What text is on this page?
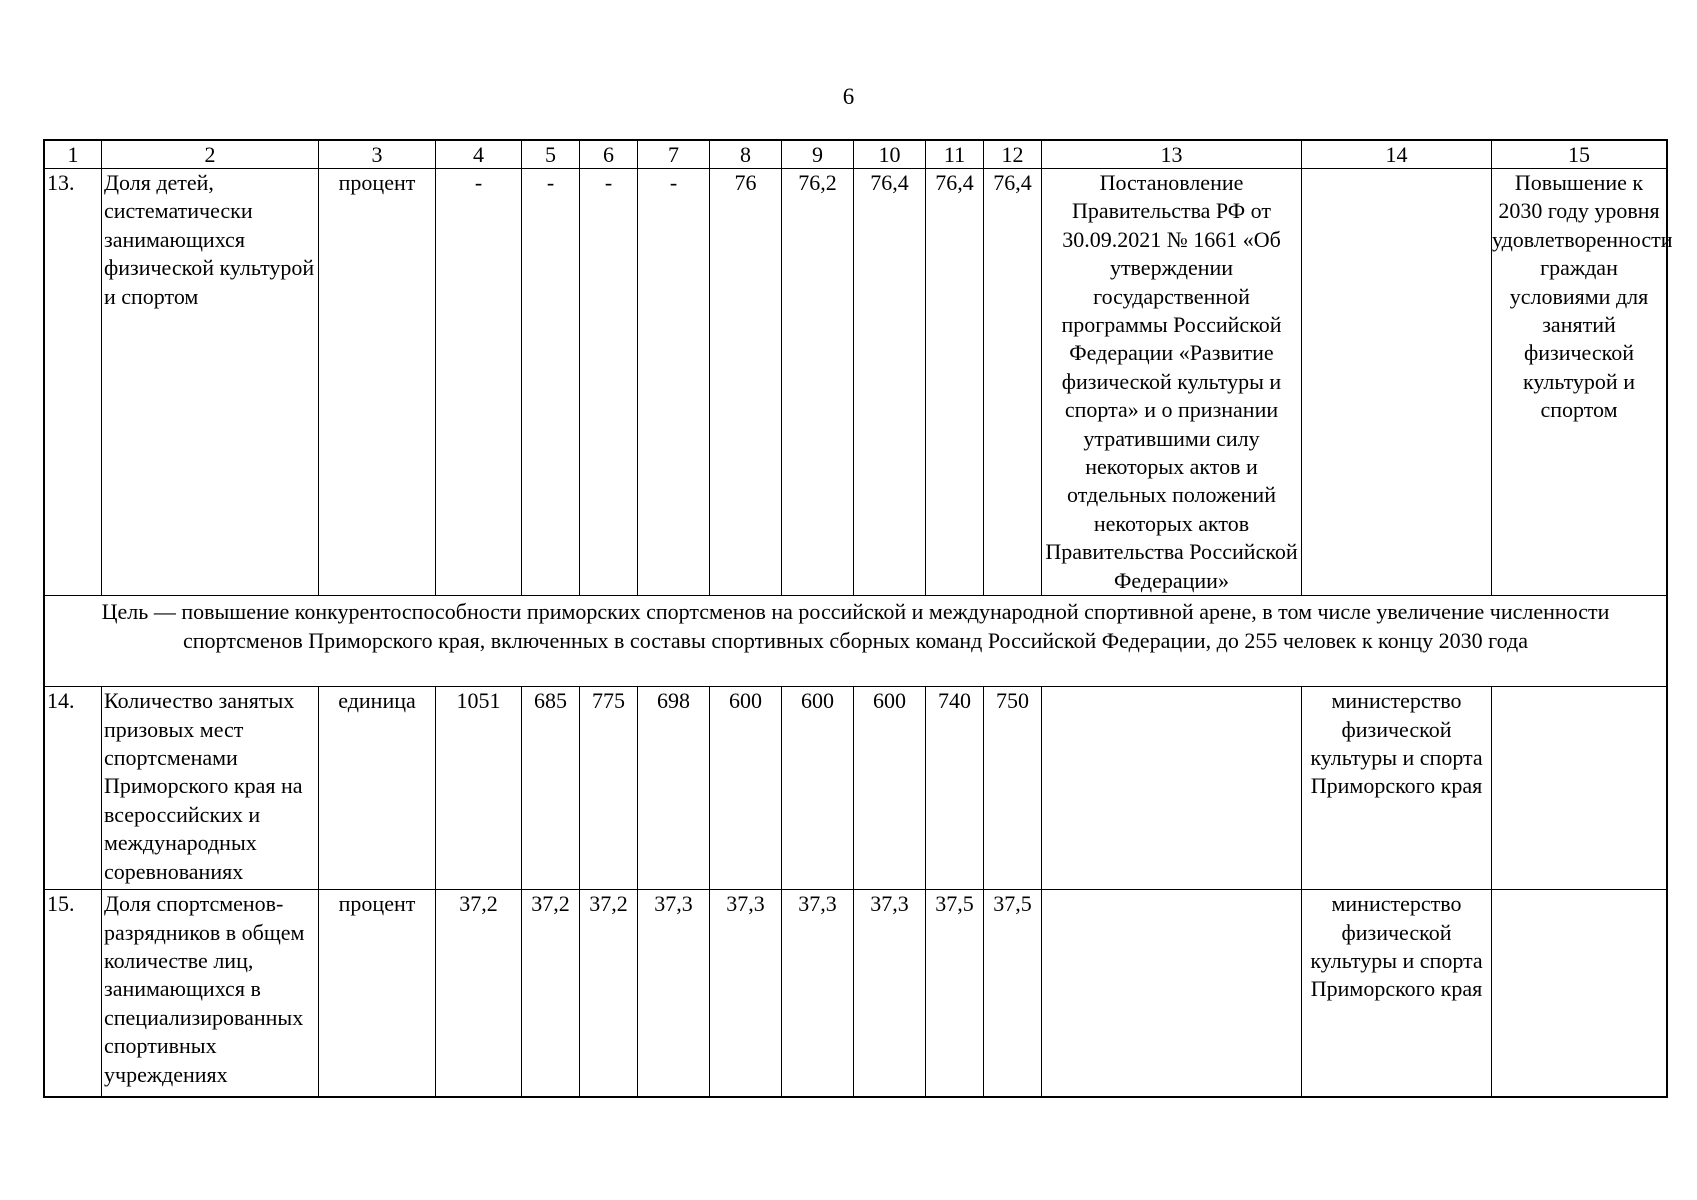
6
1	2	3	4	5	6	7	8	9	10	11	12	13	14	15
13.	Доля детей, систематически занимающихся физической культурой и спортом	процент	-	-	-	-	76	76,2	76,4	76,4	76,4	Постановление Правительства РФ от 30.09.2021 № 1661 «Об утверждении государственной программы Российской Федерации «Развитие физической культуры и спорта» и о признании утратившими силу некоторых актов и отдельных положений некоторых актов Правительства Российской Федерации»		Повышение к 2030 году уровня удовлетворенности граждан условиями для занятий физической культурой и спортом
Цель — повышение конкурентоспособности приморских спортсменов на российской и международной спортивной арене, в том числе увеличение численности спортсменов Приморского края, включенных в составы спортивных сборных команд Российской Федерации, до 255 человек к концу 2030 года														
14.	Количество занятых призовых мест спортсменами Приморского края на всероссийских и международных соревнованиях	единица	1051	685	775	698	600	600	600	740	750		министерство физической культуры и спорта Приморского края	
15.	Доля спортсменов-разрядников в общем количестве лиц, занимающихся в специализированных спортивных учреждениях	процент	37,2	37,2	37,2	37,3	37,3	37,3	37,3	37,5	37,5		министерство физической культуры и спорта Приморского края	
